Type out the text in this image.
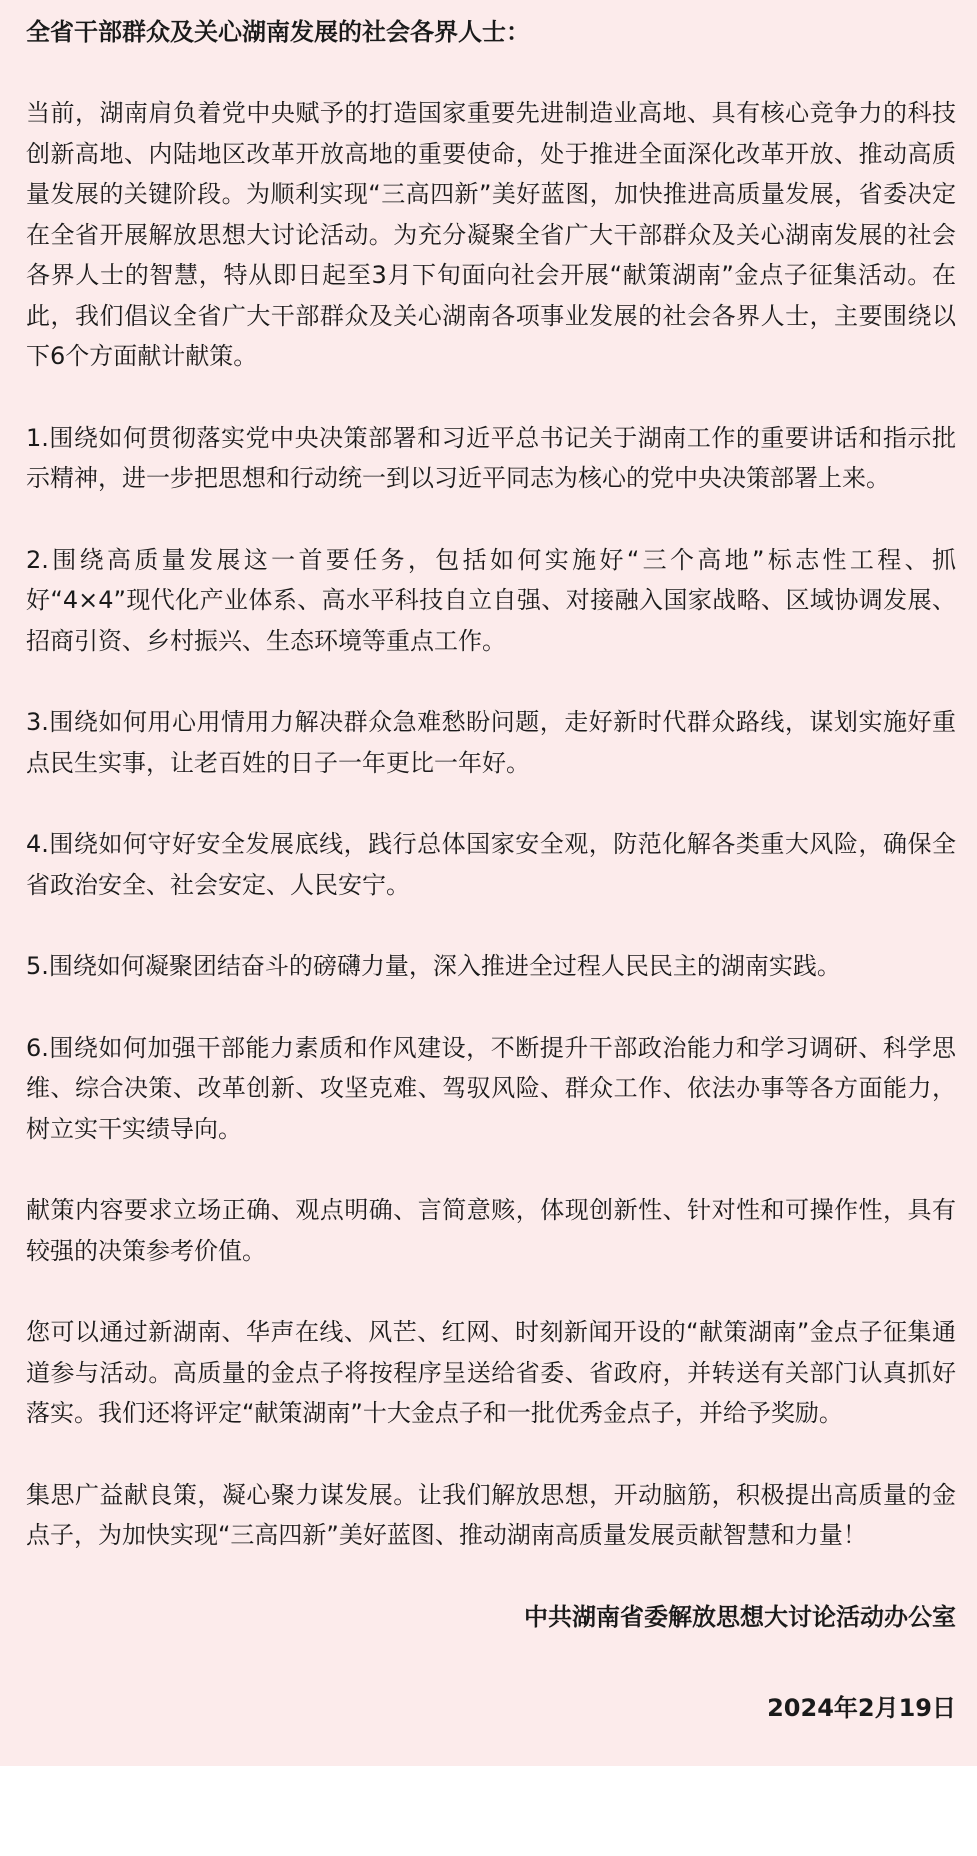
全省干部群众及关心湖南发展的社会各界人士：

当前，湖南肩负着党中央赋予的打造国家重要先进制造业高地、具有核心竞争力的科技创新高地、内陆地区改革开放高地的重要使命，处于推进全面深化改革开放、推动高质量发展的关键阶段。为顺利实现“三高四新”美好蓝图，加快推进高质量发展，省委决定在全省开展解放思想大讨论活动。为充分凝聚全省广大干部群众及关心湖南发展的社会各界人士的智慧，特从即日起至3月下旬面向社会开展“献策湖南”金点子征集活动。在此，我们倡议全省广大干部群众及关心湖南各项事业发展的社会各界人士，主要围绕以下6个方面献计献策。

1.围绕如何贯彻落实党中央决策部署和习近平总书记关于湖南工作的重要讲话和指示批示精神，进一步把思想和行动统一到以习近平同志为核心的党中央决策部署上来。

2.围绕高质量发展这一首要任务，包括如何实施好“三个高地”标志性工程、抓好“4×4”现代化产业体系、高水平科技自立自强、对接融入国家战略、区域协调发展、招商引资、乡村振兴、生态环境等重点工作。

3.围绕如何用心用情用力解决群众急难愁盼问题，走好新时代群众路线，谋划实施好重点民生实事，让老百姓的日子一年更比一年好。

4.围绕如何守好安全发展底线，践行总体国家安全观，防范化解各类重大风险，确保全省政治安全、社会安定、人民安宁。

5.围绕如何凝聚团结奋斗的磅礴力量，深入推进全过程人民民主的湖南实践。

6.围绕如何加强干部能力素质和作风建设，不断提升干部政治能力和学习调研、科学思维、综合决策、改革创新、攻坚克难、驾驭风险、群众工作、依法办事等各方面能力，树立实干实绩导向。

献策内容要求立场正确、观点明确、言简意赅，体现创新性、针对性和可操作性，具有较强的决策参考价值。

您可以通过新湖南、华声在线、风芒、红网、时刻新闻开设的“献策湖南”金点子征集通道参与活动。高质量的金点子将按程序呈送给省委、省政府，并转送有关部门认真抓好落实。我们还将评定“献策湖南”十大金点子和一批优秀金点子，并给予奖励。

集思广益献良策，凝心聚力谋发展。让我们解放思想，开动脑筋，积极提出高质量的金点子，为加快实现“三高四新”美好蓝图、推动湖南高质量发展贡献智慧和力量！

中共湖南省委解放思想大讨论活动办公室

2024年2月19日
